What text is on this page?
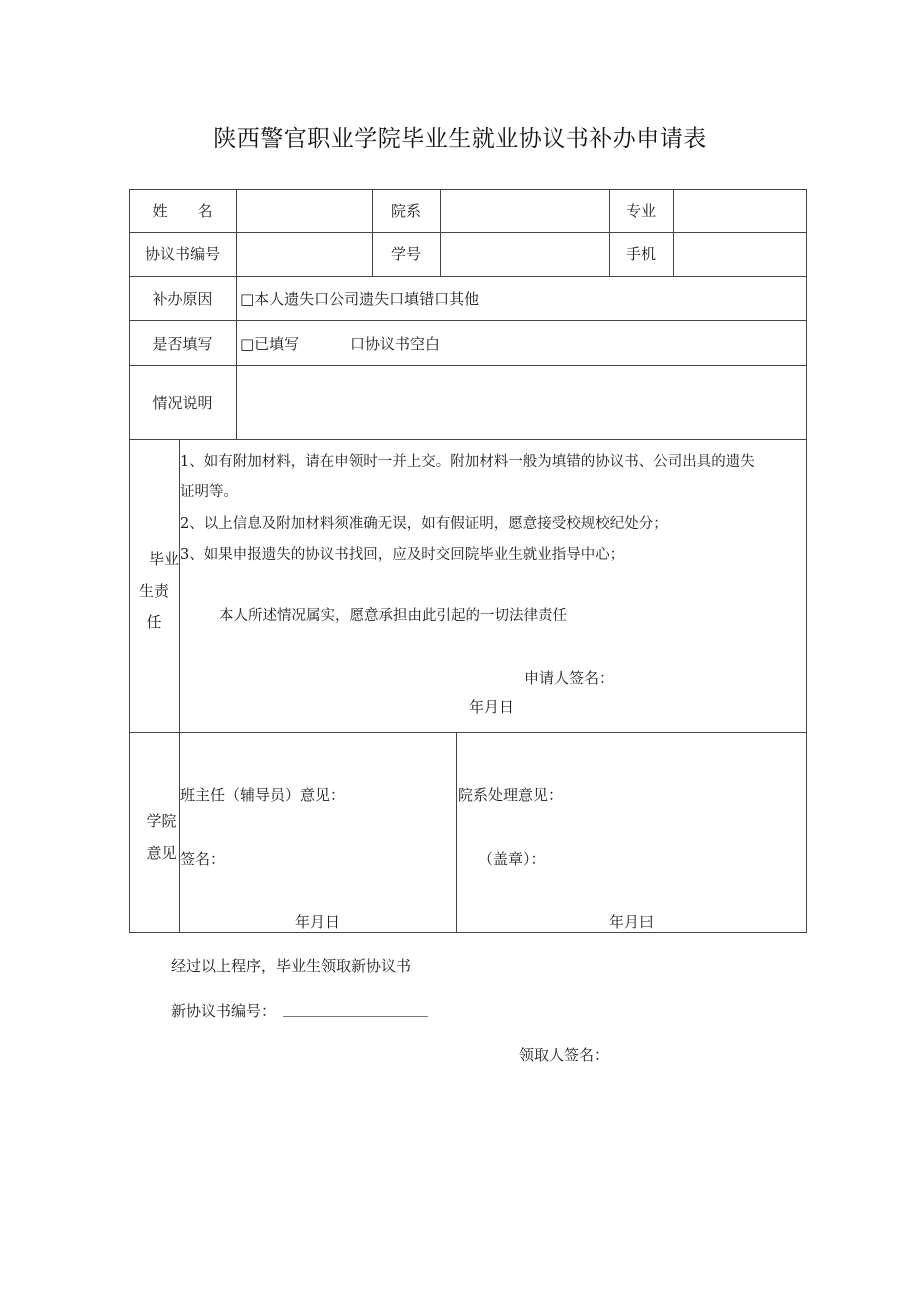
陕西警官职业学院毕业生就业协议书补办申请表
姓　　名	院系	专业
协议书编号	学号	手机
补办原因	□本人遗失口公司遗失口填错口其他
是否填写	□已填写	口协议书空白
情况说明
毕业
生责
任
1、如有附加材料，请在申领时一并上交。附加材料一般为填错的协议书、公司出具的遗失
证明等。
2、以上信息及附加材料须准确无误，如有假证明，愿意接受校规校纪处分；
3、如果申报遗失的协议书找回，应及时交回院毕业生就业指导中心；
本人所述情况属实，愿意承担由此引起的一切法律责任
申请人签名：
年月日
学院
意见
班主任（辅导员）意见：
签名：
年月日
院系处理意见：
（盖章）：
年月曰
经过以上程序，毕业生领取新协议书
新协议书编号：
领取人签名：
